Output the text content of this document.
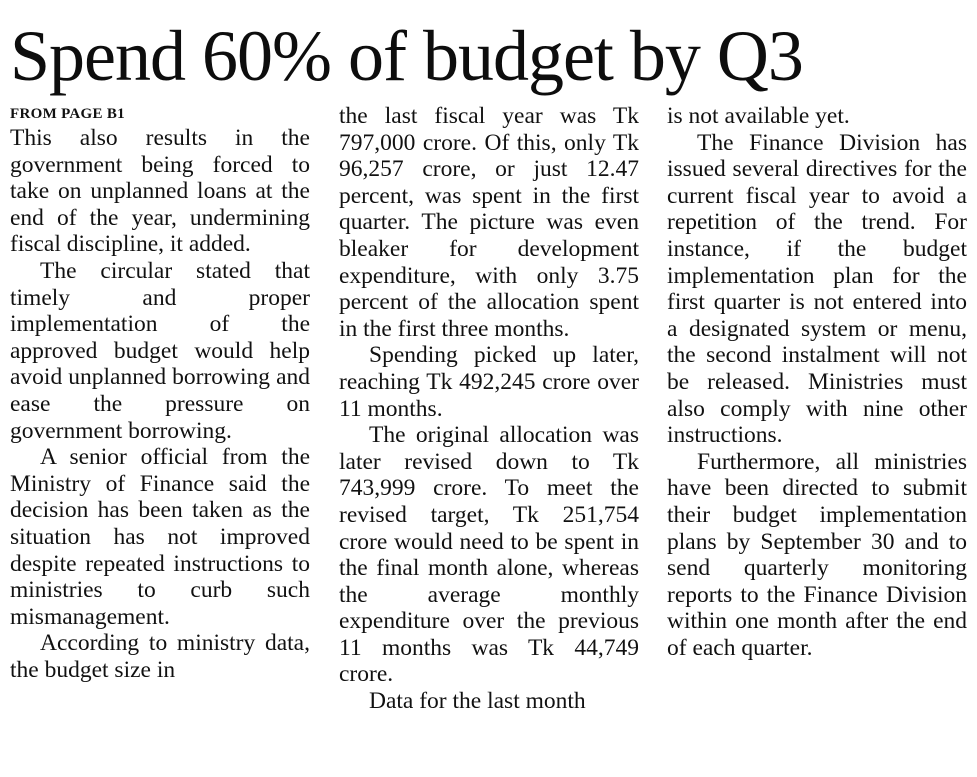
Spend 60% of budget by Q3
FROM PAGE B1

This also results in the government being forced to take on unplanned loans at the end of the year, undermining fiscal discipline, it added.

The circular stated that timely and proper implementation of the approved budget would help avoid unplanned borrowing and ease the pressure on government borrowing.

A senior official from the Ministry of Finance said the decision has been taken as the situation has not improved despite repeated instructions to ministries to curb such mismanagement.

According to ministry data, the budget size in

the last fiscal year was Tk 797,000 crore. Of this, only Tk 96,257 crore, or just 12.47 percent, was spent in the first quarter. The picture was even bleaker for development expenditure, with only 3.75 percent of the allocation spent in the first three months.

Spending picked up later, reaching Tk 492,245 crore over 11 months.

The original allocation was later revised down to Tk 743,999 crore. To meet the revised target, Tk 251,754 crore would need to be spent in the final month alone, whereas the average monthly expenditure over the previous 11 months was Tk 44,749 crore.

Data for the last month

is not available yet.

The Finance Division has issued several directives for the current fiscal year to avoid a repetition of the trend. For instance, if the budget implementation plan for the first quarter is not entered into a designated system or menu, the second instalment will not be released. Ministries must also comply with nine other instructions.

Furthermore, all ministries have been directed to submit their budget implementation plans by September 30 and to send quarterly monitoring reports to the Finance Division within one month after the end of each quarter.
